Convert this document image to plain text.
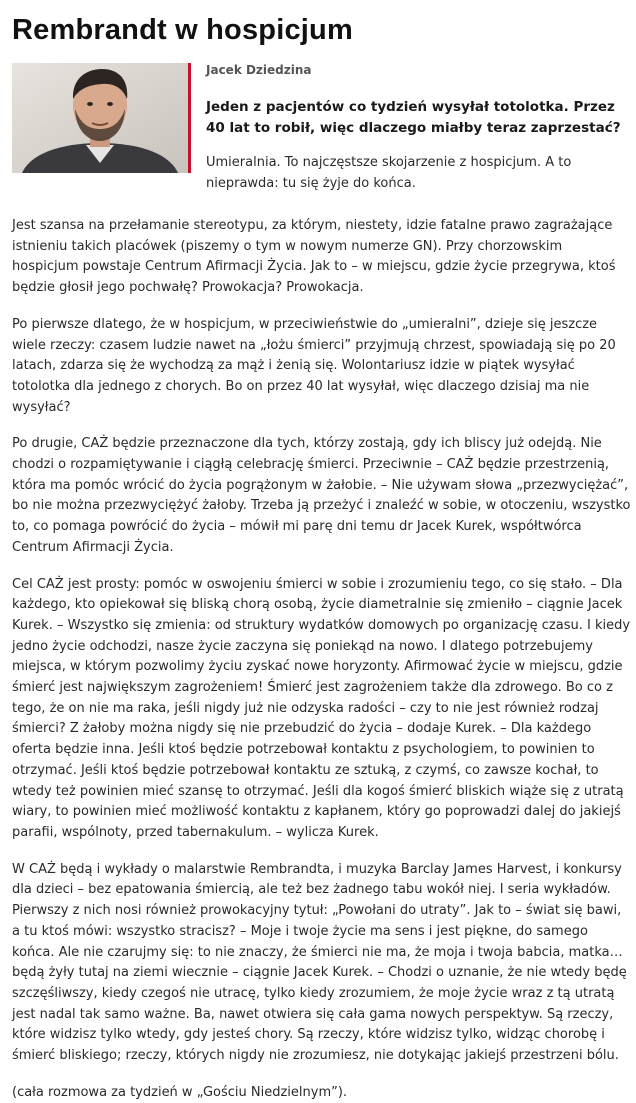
Rembrandt w hospicjum
Jacek Dziedzina
Jeden z pacjentów co tydzień wysyłał totolotka. Przez 40 lat to robił, więc dlaczego miałby teraz zaprzestać?
Umieralnia. To najczęstsze skojarzenie z hospicjum. A to nieprawda: tu się żyje do końca.

Jest szansa na przełamanie stereotypu, za którym, niestety, idzie fatalne prawo zagrażające istnieniu takich placówek (piszemy o tym w nowym numerze GN). Przy chorzowskim hospicjum powstaje Centrum Afirmacji Życia. Jak to – w miejscu, gdzie życie przegrywa, ktoś będzie głosił jego pochwałę? Prowokacja? Prowokacja.

Po pierwsze dlatego, że w hospicjum, w przeciwieństwie do „umieralni”, dzieje się jeszcze wiele rzeczy: czasem ludzie nawet na „łożu śmierci” przyjmują chrzest, spowiadają się po 20 latach, zdarza się że wychodzą za mąż i żenią się. Wolontariusz idzie w piątek wysyłać totolotka dla jednego z chorych. Bo on przez 40 lat wysyłał, więc dlaczego dzisiaj ma nie wysyłać?

Po drugie, CAŻ będzie przeznaczone dla tych, którzy zostają, gdy ich bliscy już odejdą. Nie chodzi o rozpamiętywanie i ciągłą celebrację śmierci. Przeciwnie – CAŻ będzie przestrzenią, która ma pomóc wrócić do życia pogrążonym w żałobie. – Nie używam słowa „przezwyciężać”, bo nie można przezwyciężyć żałoby. Trzeba ją przeżyć i znaleźć w sobie, w otoczeniu, wszystko to, co pomaga powrócić do życia – mówił mi parę dni temu dr Jacek Kurek, współtwórca Centrum Afirmacji Życia.

Cel CAŻ jest prosty: pomóc w oswojeniu śmierci w sobie i zrozumieniu tego, co się stało. – Dla każdego, kto opiekował się bliską chorą osobą, życie diametralnie się zmieniło – ciągnie Jacek Kurek. – Wszystko się zmienia: od struktury wydatków domowych po organizację czasu. I kiedy jedno życie odchodzi, nasze życie zaczyna się poniekąd na nowo. I dlatego potrzebujemy miejsca, w którym pozwolimy życiu zyskać nowe horyzonty. Afirmować życie w miejscu, gdzie śmierć jest największym zagrożeniem! Śmierć jest zagrożeniem także dla zdrowego. Bo co z tego, że on nie ma raka, jeśli nigdy już nie odzyska radości – czy to nie jest również rodzaj śmierci? Z żałoby można nigdy się nie przebudzić do życia – dodaje Kurek. – Dla każdego oferta będzie inna. Jeśli ktoś będzie potrzebował kontaktu z psychologiem, to powinien to otrzymać. Jeśli ktoś będzie potrzebował kontaktu ze sztuką, z czymś, co zawsze kochał, to wtedy też powinien mieć szansę to otrzymać. Jeśli dla kogoś śmierć bliskich wiąże się z utratą wiary, to powinien mieć możliwość kontaktu z kapłanem, który go poprowadzi dalej do jakiejś parafii, wspólnoty, przed tabernakulum. – wylicza Kurek.

W CAŻ będą i wykłady o malarstwie Rembrandta, i muzyka Barclay James Harvest, i konkursy dla dzieci – bez epatowania śmiercią, ale też bez żadnego tabu wokół niej. I seria wykładów. Pierwszy z nich nosi również prowokacyjny tytuł: „Powołani do utraty”. Jak to – świat się bawi, a tu ktoś mówi: wszystko stracisz? – Moje i twoje życie ma sens i jest piękne, do samego końca. Ale nie czarujmy się: to nie znaczy, że śmierci nie ma, że moja i twoja babcia, matka… będą żyły tutaj na ziemi wiecznie – ciągnie Jacek Kurek. – Chodzi o uznanie, że nie wtedy będę szczęśliwszy, kiedy czegoś nie utracę, tylko kiedy zrozumiem, że moje życie wraz z tą utratą jest nadal tak samo ważne. Ba, nawet otwiera się cała gama nowych perspektyw. Są rzeczy, które widzisz tylko wtedy, gdy jesteś chory. Są rzeczy, które widzisz tylko, widząc chorobę i śmierć bliskiego; rzeczy, których nigdy nie zrozumiesz, nie dotykając jakiejś przestrzeni bólu.

(cała rozmowa za tydzień w „Gościu Niedzielnym”).
